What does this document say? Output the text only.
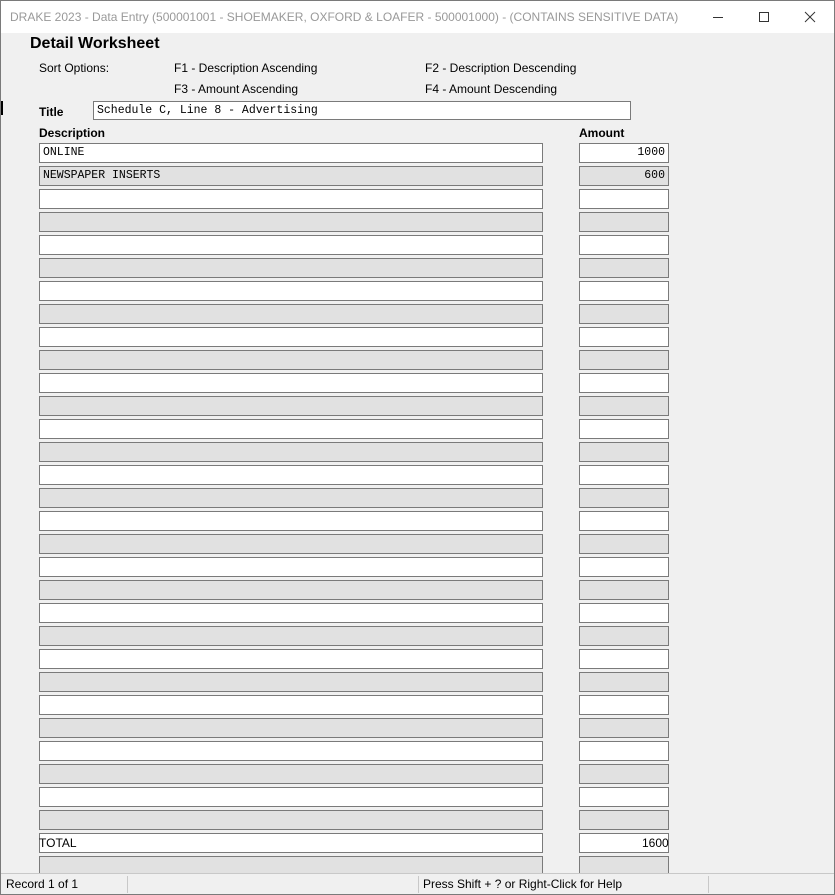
DRAKE 2023 - Data Entry (500001001 - SHOEMAKER, OXFORD & LOAFER - 500001000) - (CONTAINS SENSITIVE DATA)
Detail Worksheet
Sort Options:	F1 - Description Ascending	F2 - Description Descending
F3 - Amount Ascending	F4 - Amount Descending
Title	Schedule C, Line 8 - Advertising
Description	Amount
ONLINE	1000
NEWSPAPER INSERTS	600
TOTAL	1600
Record 1 of 1	Press Shift + ? or Right-Click for Help
